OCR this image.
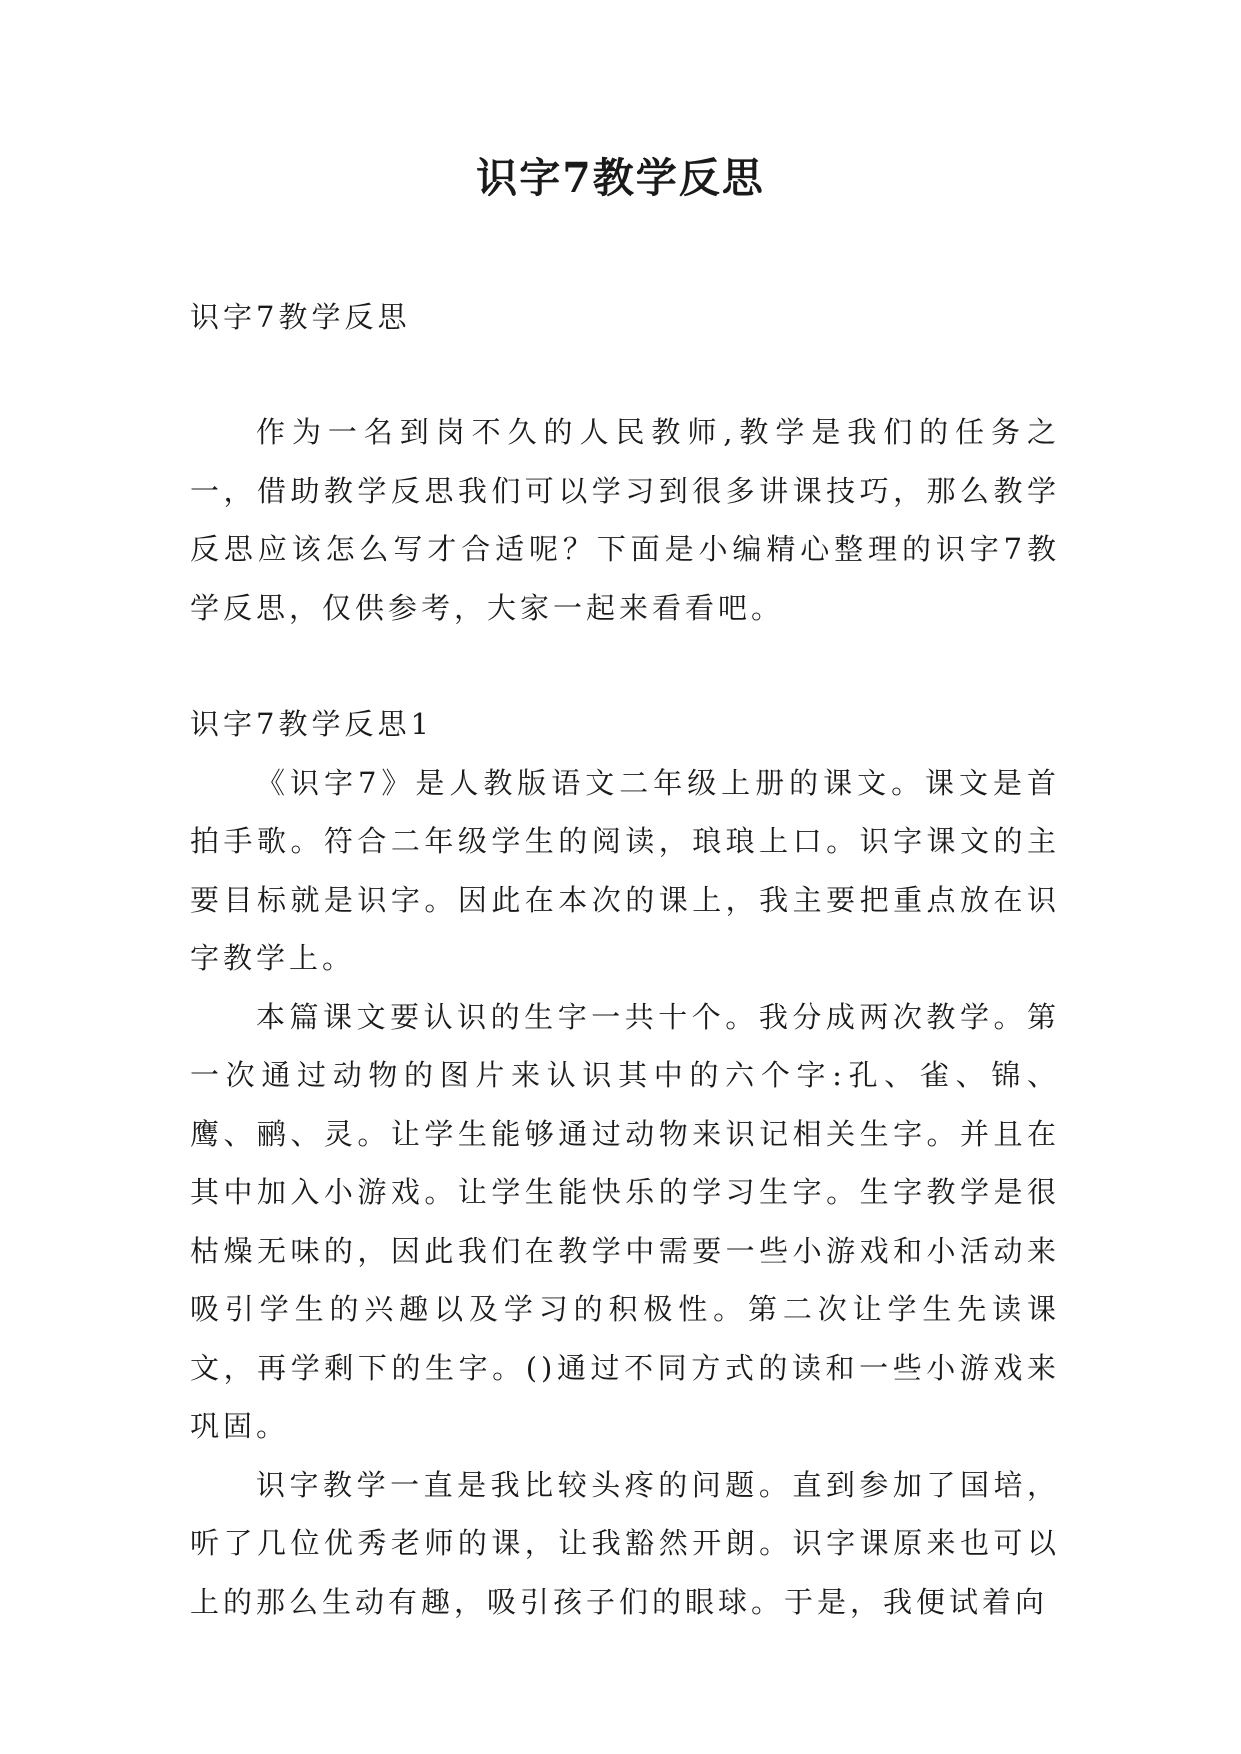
识字7教学反思

识字7教学反思

作为一名到岗不久的人民教师,教学是我们的任务之一，借助教学反思我们可以学习到很多讲课技巧，那么教学反思应该怎么写才合适呢？下面是小编精心整理的识字7教学反思，仅供参考，大家一起来看看吧。

识字7教学反思1

《识字7》是人教版语文二年级上册的课文。课文是首拍手歌。符合二年级学生的阅读，琅琅上口。识字课文的主要目标就是识字。因此在本次的课上，我主要把重点放在识字教学上。

本篇课文要认识的生字一共十个。我分成两次教学。第一次通过动物的图片来认识其中的六个字:孔、雀、锦、鹰、鹂、灵。让学生能够通过动物来识记相关生字。并且在其中加入小游戏。让学生能快乐的学习生字。生字教学是很枯燥无味的，因此我们在教学中需要一些小游戏和小活动来吸引学生的兴趣以及学习的积极性。第二次让学生先读课文，再学剩下的生字。()通过不同方式的读和一些小游戏来巩固。

识字教学一直是我比较头疼的问题。直到参加了国培，听了几位优秀老师的课，让我豁然开朗。识字课原来也可以上的那么生动有趣，吸引孩子们的眼球。于是，我便试着向
